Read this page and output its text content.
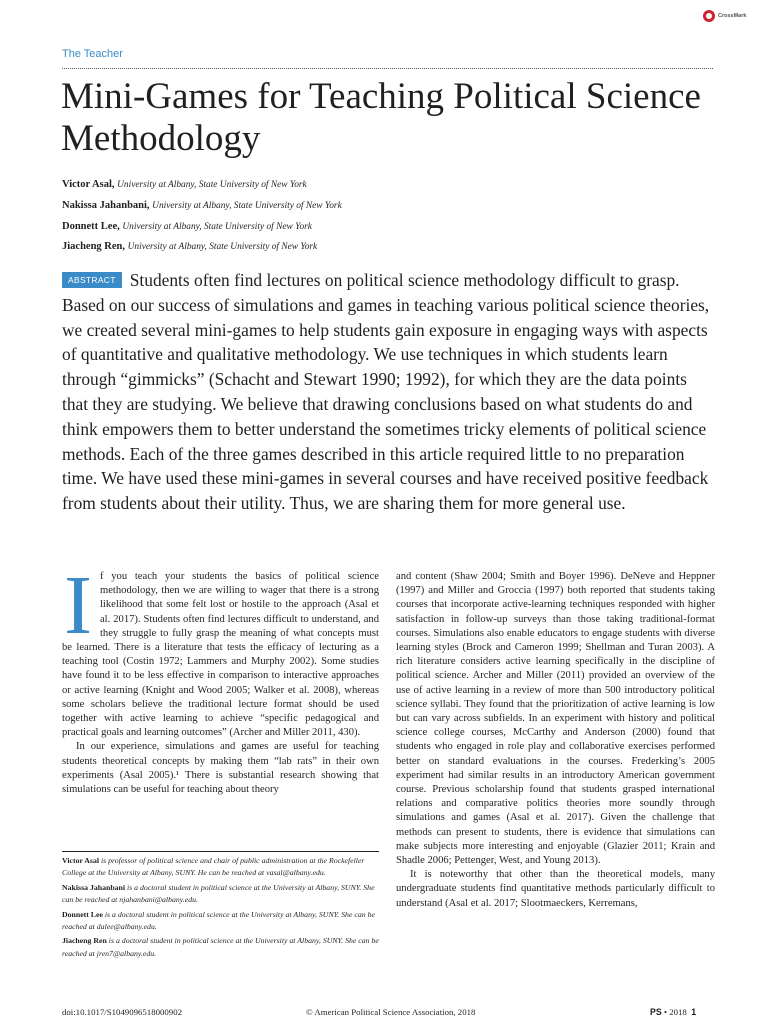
CrossMark
The Teacher
Mini-Games for Teaching Political Science Methodology
Victor Asal, University at Albany, State University of New York
Nakissa Jahanbani, University at Albany, State University of New York
Donnett Lee, University at Albany, State University of New York
Jiacheng Ren, University at Albany, State University of New York

ABSTRACT Students often find lectures on political science methodology difficult to grasp. Based on our success of simulations and games in teaching various political science theories, we created several mini-games to help students gain exposure in engaging ways with aspects of quantitative and qualitative methodology. We use techniques in which students learn through “gimmicks” (Schacht and Stewart 1990; 1992), for which they are the data points that they are studying. We believe that drawing conclusions based on what students do and think empowers them to better understand the sometimes tricky elements of political science methods. Each of the three games described in this article required little to no preparation time. We have used these mini-games in several courses and have received positive feedback from students about their utility. Thus, we are sharing them for more general use.

If you teach your students the basics of political science methodology, then we are willing to wager that there is a strong likelihood that some felt lost or hostile to the approach (Asal et al. 2017). Students often find lectures difficult to understand, and they struggle to fully grasp the meaning of what concepts must be learned. There is a literature that tests the efficacy of lecturing as a teaching tool (Costin 1972; Lammers and Murphy 2002). Some studies have found it to be less effective in comparison to interactive approaches or active learning (Knight and Wood 2005; Walker et al. 2008), whereas some scholars believe the traditional lecture format should be used together with active learning to achieve “specific pedagogical and practical goals and learning outcomes” (Archer and Miller 2011, 430).

In our experience, simulations and games are useful for teaching students theoretical concepts by making them “lab rats” in their own experiments (Asal 2005).¹ There is substantial research showing that simulations can be useful for teaching about theory

and content (Shaw 2004; Smith and Boyer 1996). DeNeve and Heppner (1997) and Miller and Groccia (1997) both reported that students taking courses that incorporate active-learning techniques responded with higher satisfaction in follow-up surveys than those taking traditional-format courses. Simulations also enable educators to engage students with diverse learning styles (Brock and Cameron 1999; Shellman and Turan 2003). A rich literature considers active learning specifically in the discipline of political science. Archer and Miller (2011) provided an overview of the use of active learning in a review of more than 500 introductory political science syllabi. They found that the prioritization of active learning is low but can vary across subfields. In an experiment with history and political science college courses, McCarthy and Anderson (2000) found that students who engaged in role play and collaborative exercises performed better on standard evaluations in the courses. Frederking’s 2005 experiment had similar results in an introductory American government course. Previous scholarship found that students grasped international relations and comparative politics theories more soundly through simulations and games (Asal et al. 2017). Given the challenge that methods can present to students, there is evidence that simulations can make subjects more interesting and enjoyable (Glazier 2011; Krain and Shadle 2006; Pettenger, West, and Young 2013).

It is noteworthy that other than the theoretical models, many undergraduate students find quantitative methods particularly difficult to understand (Asal et al. 2017; Slootmaeckers, Kerremans,

Victor Asal is professor of political science and chair of public administration at the Rockefeller College at the University at Albany, SUNY. He can be reached at vasal@albany.edu.
Nakissa Jahanbani is a doctoral student in political science at the University at Albany, SUNY. She can be reached at njahanbani@albany.edu.
Donnett Lee is a doctoral student in political science at the University at Albany, SUNY. She can be reached at dalee@albany.edu.
Jiacheng Ren is a doctoral student in political science at the University at Albany, SUNY. She can be reached at jren7@albany.edu.
doi:10.1017/S1049096518000902	© American Political Science Association, 2018	PS • 2018 1
